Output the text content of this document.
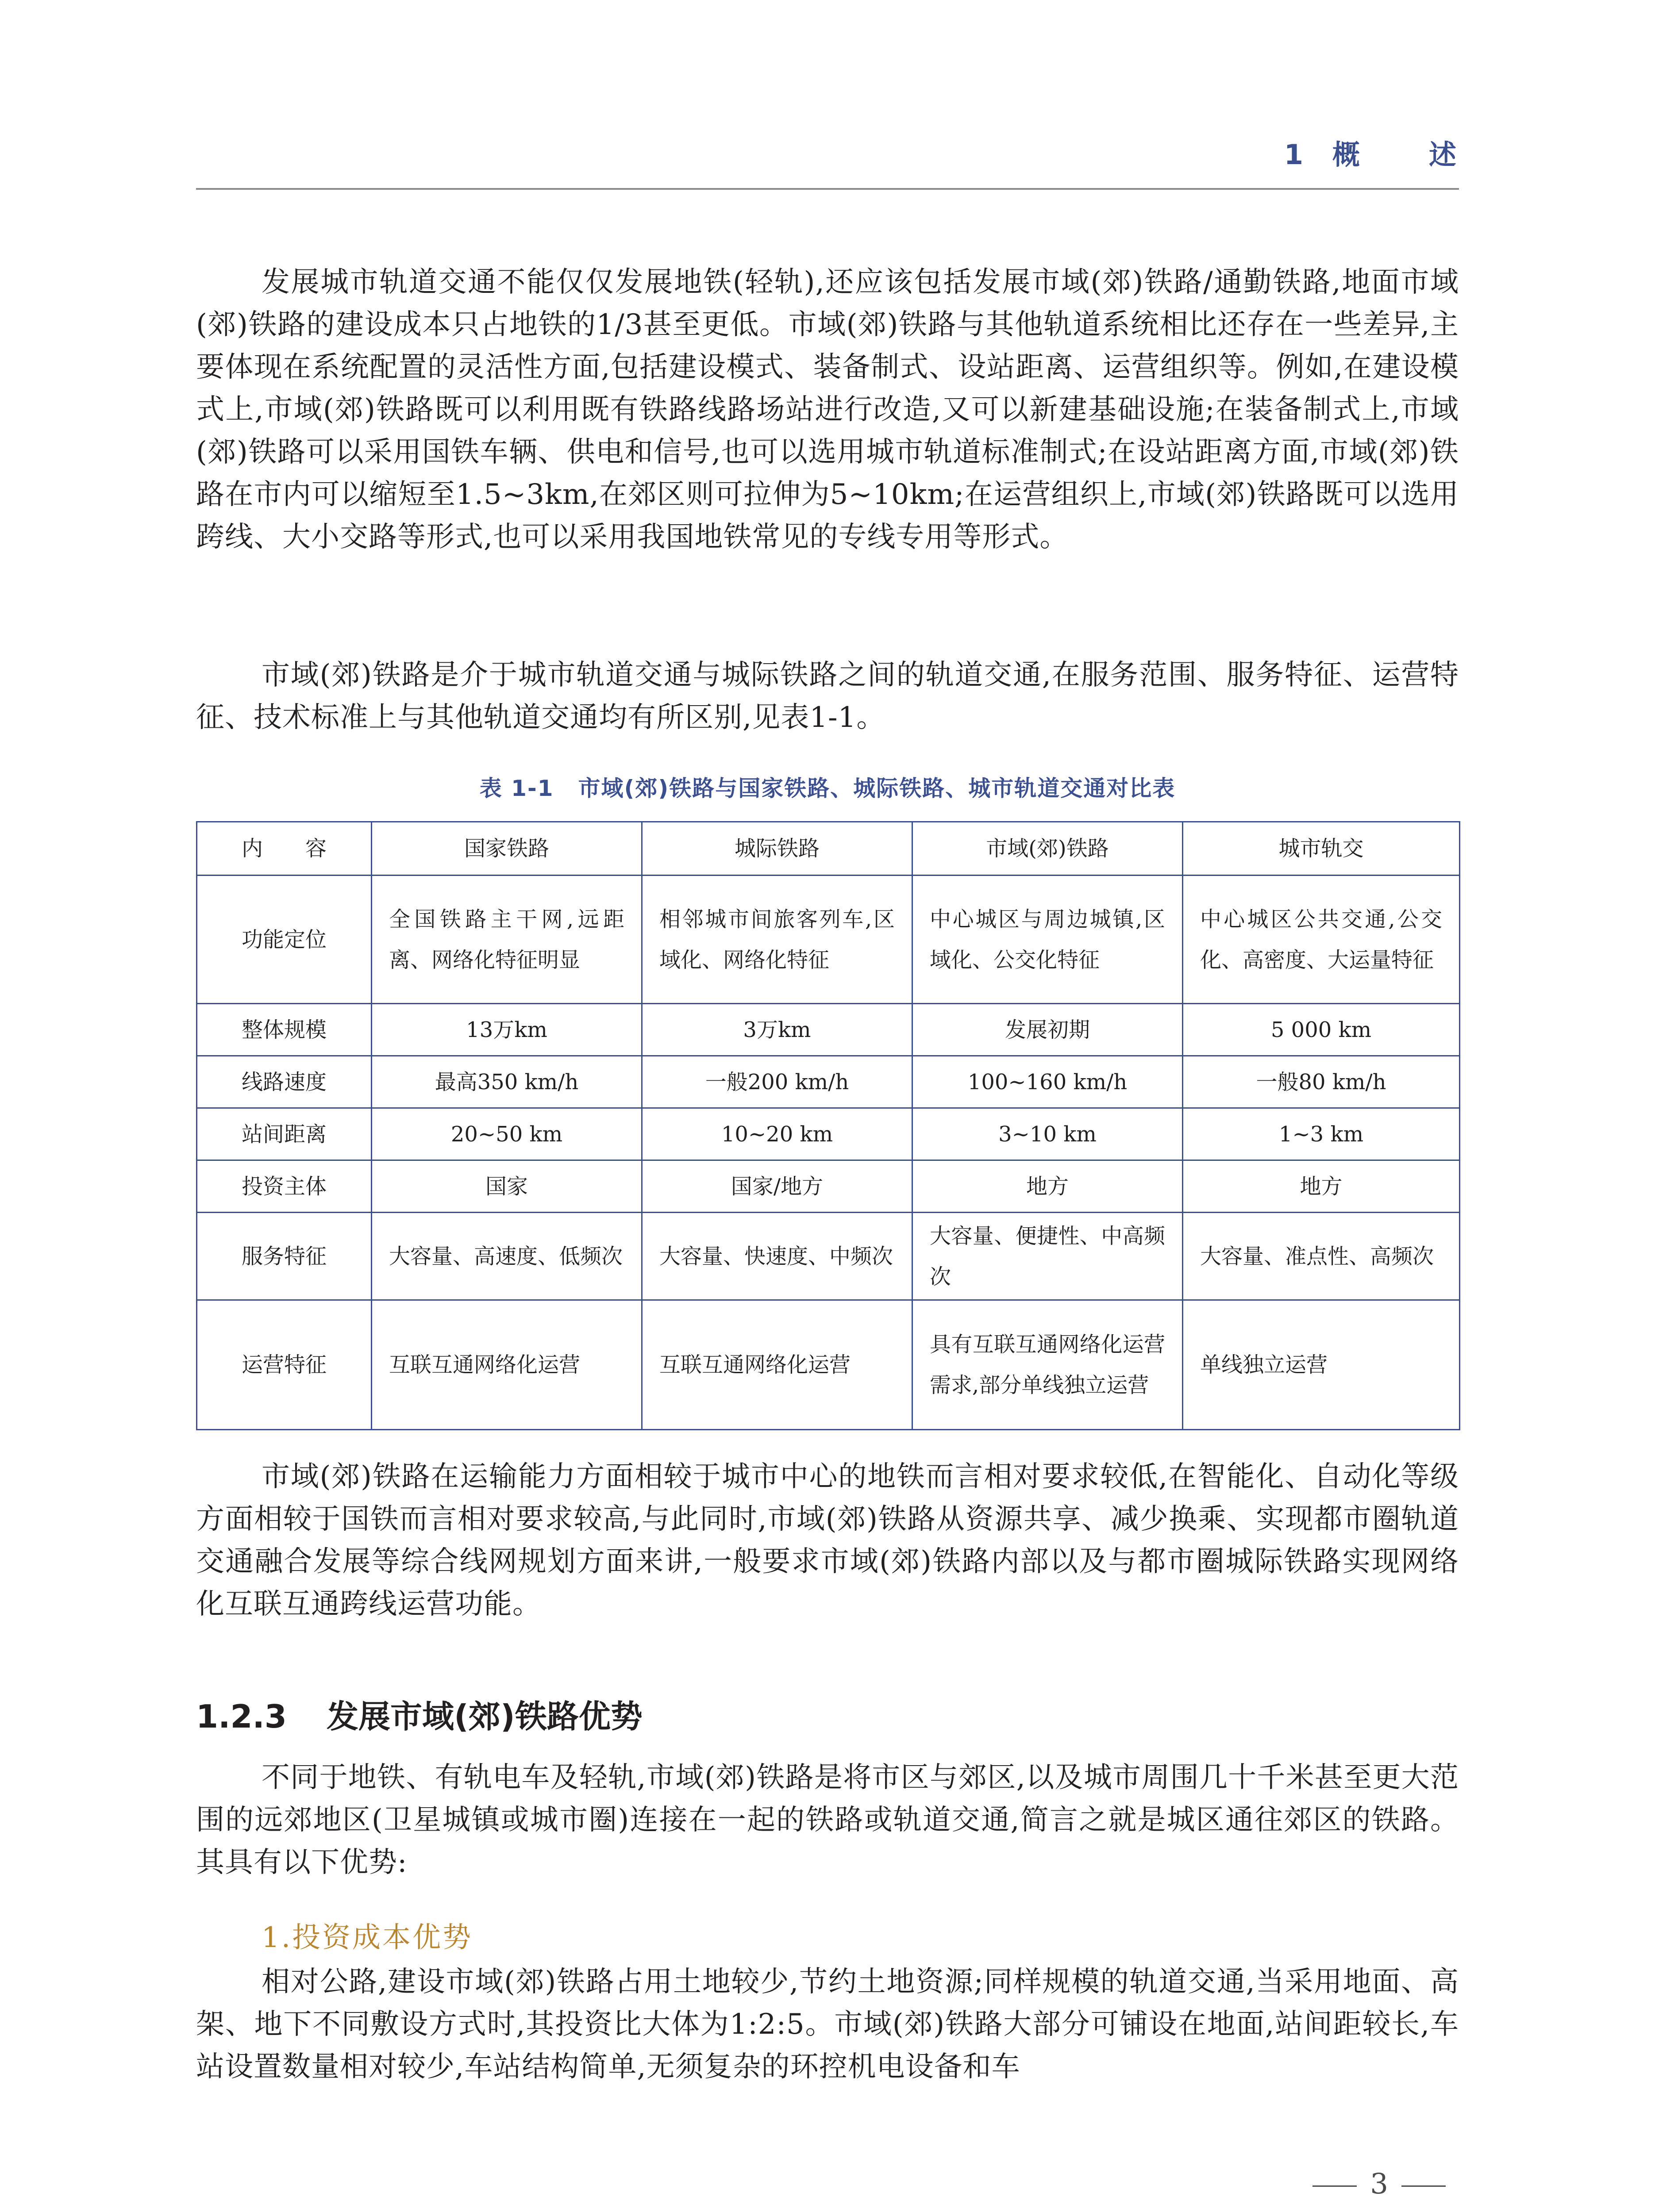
1 概 述

发展城市轨道交通不能仅仅发展地铁(轻轨),还应该包括发展市域(郊)铁路/通勤铁路,地面市域(郊)铁路的建设成本只占地铁的1/3甚至更低。市域(郊)铁路与其他轨道系统相比还存在一些差异,主要体现在系统配置的灵活性方面,包括建设模式、装备制式、设站距离、运营组织等。例如,在建设模式上,市域(郊)铁路既可以利用既有铁路线路场站进行改造,又可以新建基础设施;在装备制式上,市域(郊)铁路可以采用国铁车辆、供电和信号,也可以选用城市轨道标准制式;在设站距离方面,市域(郊)铁路在市内可以缩短至1.5~3km,在郊区则可拉伸为5~10km;在运营组织上,市域(郊)铁路既可以选用跨线、大小交路等形式,也可以采用我国地铁常见的专线专用等形式。

市域(郊)铁路是介于城市轨道交通与城际铁路之间的轨道交通,在服务范围、服务特征、运营特征、技术标准上与其他轨道交通均有所区别,见表1-1。

表 1-1 市域(郊)铁路与国家铁路、城际铁路、城市轨道交通对比表
内　　容	国家铁路	城际铁路	市域(郊)铁路	城市轨交
功能定位	全国铁路主干网,远距离、网络化特征明显	相邻城市间旅客列车,区域化、网络化特征	中心城区与周边城镇,区域化、公交化特征	中心城区公共交通,公交化、高密度、大运量特征
整体规模	13万km	3万km	发展初期	5 000 km
线路速度	最高350 km/h	一般200 km/h	100~160 km/h	一般80 km/h
站间距离	20~50 km	10~20 km	3~10 km	1~3 km
投资主体	国家	国家/地方	地方	地方
服务特征	大容量、高速度、低频次	大容量、快速度、中频次	大容量、便捷性、中高频次	大容量、准点性、高频次
运营特征	互联互通网络化运营	互联互通网络化运营	具有互联互通网络化运营需求,部分单线独立运营	单线独立运营

市域(郊)铁路在运输能力方面相较于城市中心的地铁而言相对要求较低,在智能化、自动化等级方面相较于国铁而言相对要求较高,与此同时,市域(郊)铁路从资源共享、减少换乘、实现都市圈轨道交通融合发展等综合线网规划方面来讲,一般要求市域(郊)铁路内部以及与都市圈城际铁路实现网络化互联互通跨线运营功能。

1.2.3 发展市域(郊)铁路优势

不同于地铁、有轨电车及轻轨,市域(郊)铁路是将市区与郊区,以及城市周围几十千米甚至更大范围的远郊地区(卫星城镇或城市圈)连接在一起的铁路或轨道交通,简言之就是城区通往郊区的铁路。其具有以下优势:

1.投资成本优势

相对公路,建设市域(郊)铁路占用土地较少,节约土地资源;同样规模的轨道交通,当采用地面、高架、地下不同敷设方式时,其投资比大体为1:2:5。市域(郊)铁路大部分可铺设在地面,站间距较长,车站设置数量相对较少,车站结构简单,无须复杂的环控机电设备和车

3
